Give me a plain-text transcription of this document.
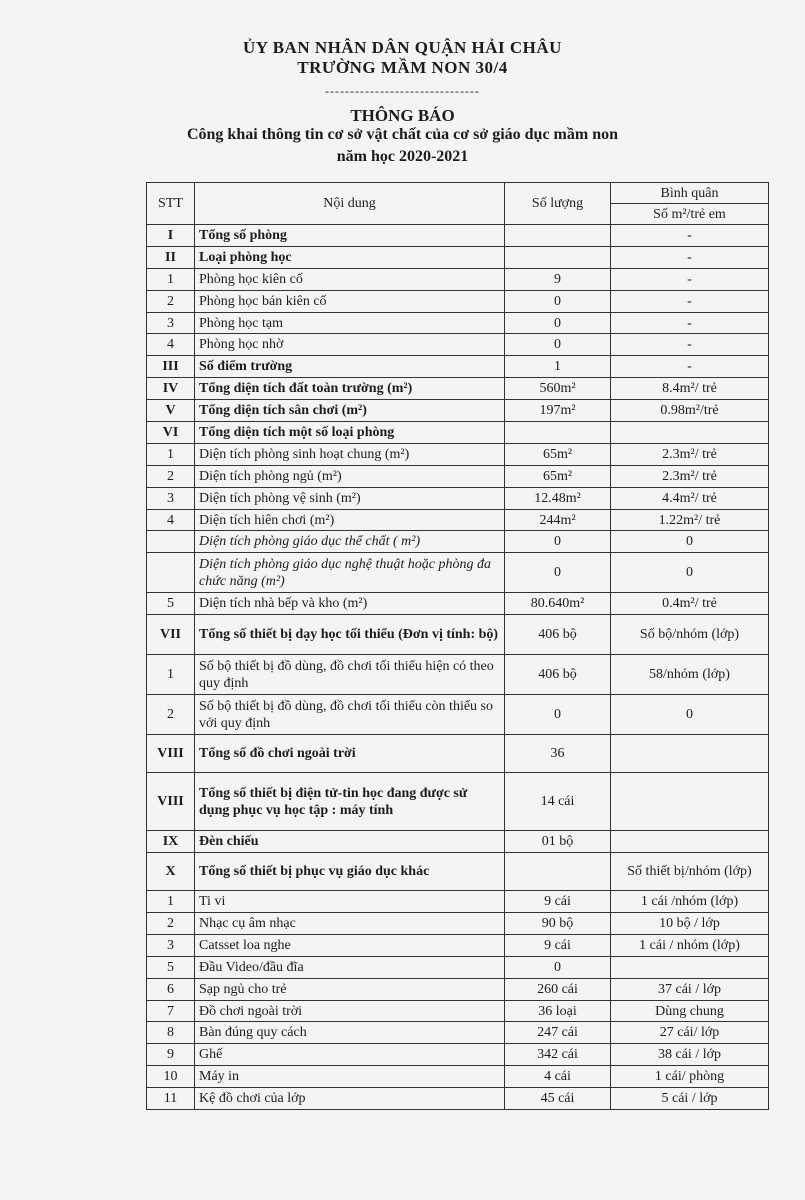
ỦY BAN NHÂN DÂN QUẬN HẢI CHÂU
TRƯỜNG MẦM NON 30/4
-------------------------------
THÔNG BÁO
Công khai thông tin cơ sở vật chất của cơ sở giáo dục mầm non
năm học 2020-2021
STT	Nội dung	Số lượng	Bình quân
			Số m²/trẻ em
I	Tổng số phòng		-
II	Loại phòng học		-
1	Phòng học kiên cố	9	-
2	Phòng học bán kiên cố	0	-
3	Phòng học tạm	0	-
4	Phòng học nhờ	0	-
III	Số điểm trường	1	-
IV	Tổng diện tích đất toàn trường (m²)	560m²	8.4m²/ trẻ
V	Tổng diện tích sân chơi (m²)	197m²	0.98m²/trẻ
VI	Tổng diện tích một số loại phòng		
1	Diện tích phòng sinh hoạt chung (m²)	65m²	2.3m²/ trẻ
2	Diện tích phòng ngủ (m²)	65m²	2.3m²/ trẻ
3	Diện tích phòng vệ sinh (m²)	12.48m²	4.4m²/ trẻ
4	Diện tích hiên chơi (m²)	244m²	1.22m²/ trẻ
	Diện tích phòng giáo dục thể chất ( m²)	0	0
	Diện tích phòng giáo dục nghệ thuật hoặc phòng đa chức năng (m²)	0	0
5	Diện tích nhà bếp và kho (m²)	80.640m²	0.4m²/ trẻ
VII	Tổng số thiết bị dạy học tối thiểu (Đơn vị tính: bộ)	406 bộ	Số bộ/nhóm (lớp)
1	Số bộ thiết bị đồ dùng, đồ chơi tối thiểu hiện có theo quy định	406 bộ	58/nhóm (lớp)
2	Số bộ thiết bị đồ dùng, đồ chơi tối thiểu còn thiếu so với quy định	0	0
VIII	Tổng số đồ chơi ngoài trời	36	
VIII	Tổng số thiết bị điện tử-tin học đang được sử dụng phục vụ học tập : máy tính	14 cái	
IX	Đèn chiếu	01 bộ	
X	Tổng số thiết bị phục vụ giáo dục khác		Số thiết bị/nhóm (lớp)
1	Ti vi	9 cái	1 cái /nhóm (lớp)
2	Nhạc cụ âm nhạc	90 bộ	10 bộ / lớp
3	Catsset loa nghe	9 cái	1 cái / nhóm (lớp)
5	Đầu Video/đầu đĩa	0	
6	Sạp ngủ cho trẻ	260 cái	37 cái / lớp
7	Đồ chơi ngoài trời	36 loại	Dùng chung
8	Bàn đúng quy cách	247 cái	27 cái/ lớp
9	Ghế	342 cái	38 cái / lớp
10	Máy in	4 cái	1 cái/ phòng
11	Kệ đồ chơi của lớp	45 cái	5 cái / lớp
